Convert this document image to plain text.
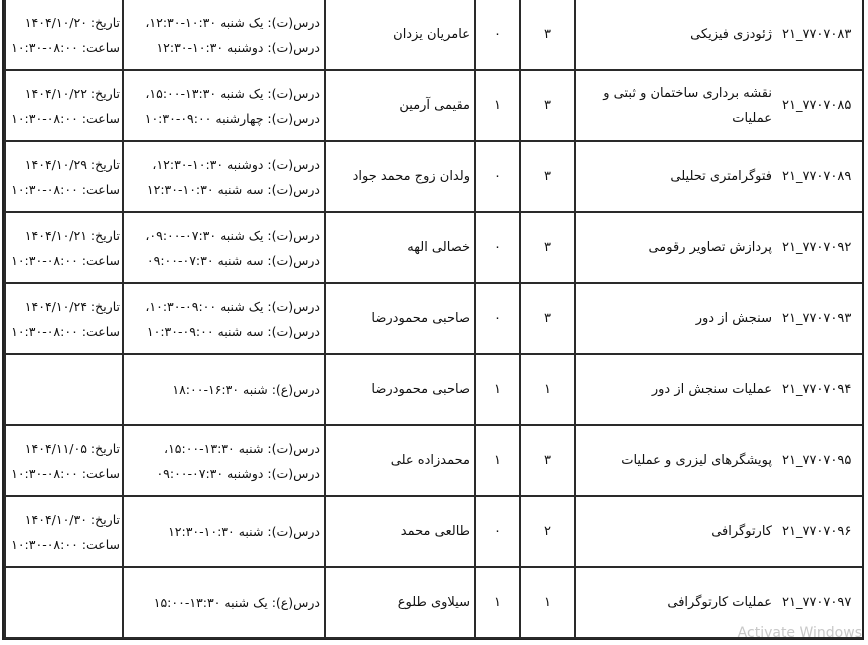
۲۱_۷۷۰۷۰۸۳
ژئودزی فیزیکی
۳
۰
عامریان یزدان
درس(ت): یک شنبه ۱۰:۳۰-۱۲:۳۰،
درس(ت): دوشنبه ۱۰:۳۰-۱۲:۳۰
تاریخ: ۱۴۰۴/۱۰/۲۰
ساعت: ۰۸:۰۰-۱۰:۳۰
۲۱_۷۷۰۷۰۸۵
نقشه برداری ساختمان و ثبتی و عملیات
۳
۱
مقیمی آرمین
درس(ت): یک شنبه ۱۳:۳۰-۱۵:۰۰،
درس(ت): چهارشنبه ۰۹:۰۰-۱۰:۳۰
تاریخ: ۱۴۰۴/۱۰/۲۲
ساعت: ۰۸:۰۰-۱۰:۳۰
۲۱_۷۷۰۷۰۸۹
فتوگرامتری تحلیلی
۳
۰
ولدان زوج محمد جواد
درس(ت): دوشنبه ۱۰:۳۰-۱۲:۳۰،
درس(ت): سه شنبه ۱۰:۳۰-۱۲:۳۰
تاریخ: ۱۴۰۴/۱۰/۲۹
ساعت: ۰۸:۰۰-۱۰:۳۰
۲۱_۷۷۰۷۰۹۲
پردازش تصاویر رقومی
۳
۰
خصالی الهه
درس(ت): یک شنبه ۰۷:۳۰-۰۹:۰۰،
درس(ت): سه شنبه ۰۷:۳۰-۰۹:۰۰
تاریخ: ۱۴۰۴/۱۰/۲۱
ساعت: ۰۸:۰۰-۱۰:۳۰
۲۱_۷۷۰۷۰۹۳
سنجش از دور
۳
۰
صاحبی محمودرضا
درس(ت): یک شنبه ۰۹:۰۰-۱۰:۳۰،
درس(ت): سه شنبه ۰۹:۰۰-۱۰:۳۰
تاریخ: ۱۴۰۴/۱۰/۲۴
ساعت: ۰۸:۰۰-۱۰:۳۰
۲۱_۷۷۰۷۰۹۴
عملیات سنجش از دور
۱
۱
صاحبی محمودرضا
درس(ع): شنبه ۱۶:۳۰-۱۸:۰۰
۲۱_۷۷۰۷۰۹۵
پویشگرهای لیزری و عملیات
۳
۱
محمدزاده علی
درس(ت): شنبه ۱۳:۳۰-۱۵:۰۰،
درس(ت): دوشنبه ۰۷:۳۰-۰۹:۰۰
تاریخ: ۱۴۰۴/۱۱/۰۵
ساعت: ۰۸:۰۰-۱۰:۳۰
۲۱_۷۷۰۷۰۹۶
کارتوگرافی
۲
۰
طالعی محمد
درس(ت): شنبه ۱۰:۳۰-۱۲:۳۰
تاریخ: ۱۴۰۴/۱۰/۳۰
ساعت: ۰۸:۰۰-۱۰:۳۰
۲۱_۷۷۰۷۰۹۷
عملیات کارتوگرافی
۱
۱
سیلاوی طلوع
درس(ع): یک شنبه ۱۳:۳۰-۱۵:۰۰
Activate Windows
